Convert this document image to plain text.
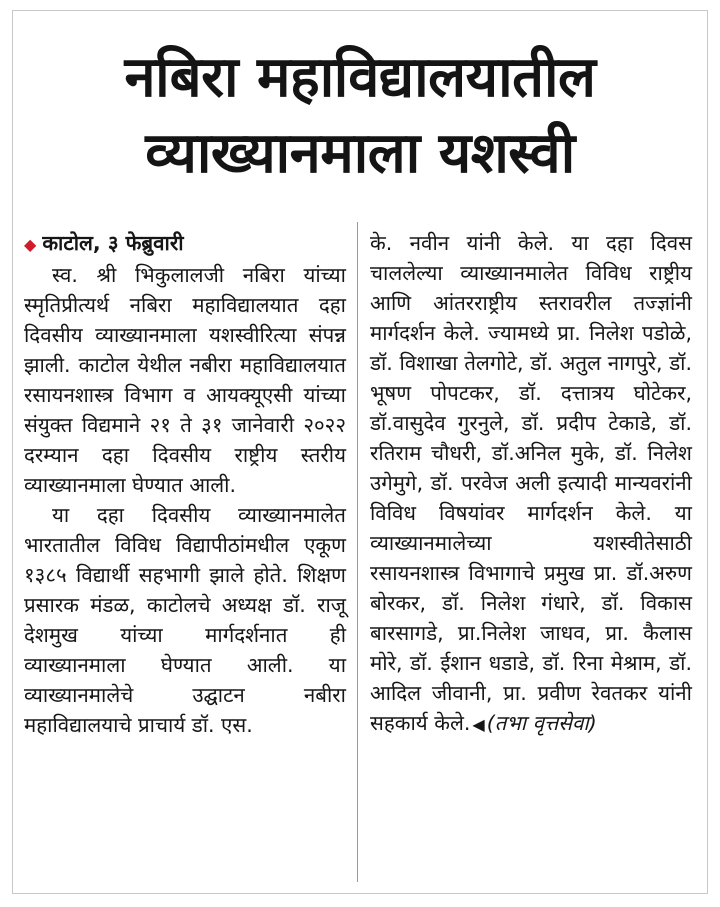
नबिरा महाविद्यालयातील
व्याख्यानमाला यशस्वी
◆ काटोल, ३ फेब्रुवारी

स्व. श्री भिकुलालजी नबिरा यांच्या स्मृतिप्रीत्यर्थ नबिरा महाविद्यालयात दहा दिवसीय व्याख्यानमाला यशस्वीरित्या संपन्न झाली. काटोल येथील नबीरा महाविद्यालयात रसायनशास्त्र विभाग व आयक्यूएसी यांच्या संयुक्त विद्यमाने २१ ते ३१ जानेवारी २०२२ दरम्यान दहा दिवसीय राष्ट्रीय स्तरीय व्याख्यानमाला घेण्यात आली.

या दहा दिवसीय व्याख्यानमालेत भारतातील विविध विद्यापीठांमधील एकूण १३८५ विद्यार्थी सहभागी झाले होते. शिक्षण प्रसारक मंडळ, काटोलचे अध्यक्ष डॉ. राजू देशमुख यांच्या मार्गदर्शनात ही व्याख्यानमाला घेण्यात आली. या व्याख्यानमालेचे उद्घाटन नबीरा महाविद्यालयाचे प्राचार्य डॉ. एस.

के. नवीन यांनी केले. या दहा दिवस चाललेल्या व्याख्यानमालेत विविध राष्ट्रीय आणि आंतरराष्ट्रीय स्तरावरील तज्ज्ञांनी मार्गदर्शन केले. ज्यामध्ये प्रा. निलेश पडोळे, डॉ. विशाखा तेलगोटे, डॉ. अतुल नागपुरे, डॉ. भूषण पोपटकर, डॉ. दत्तात्रय घोटेकर, डॉ.वासुदेव गुरनुले, डॉ. प्रदीप टेकाडे, डॉ. रतिराम चौधरी, डॉ.अनिल मुके, डॉ. निलेश उगेमुगे, डॉ. परवेज अली इत्यादी मान्यवरांनी विविध विषयांवर मार्गदर्शन केले. या व्याख्यानमालेच्या यशस्वीतेसाठी रसायनशास्त्र विभागाचे प्रमुख प्रा. डॉ.अरुण बोरकर, डॉ. निलेश गंधारे, डॉ. विकास बारसागडे, प्रा.निलेश जाधव, प्रा. कैलास मोरे, डॉ. ईशान धडाडे, डॉ. रिना मेश्राम, डॉ. आदिल जीवानी, प्रा. प्रवीण रेवतकर यांनी सहकार्य केले. ◀(तभा वृत्तसेवा)
